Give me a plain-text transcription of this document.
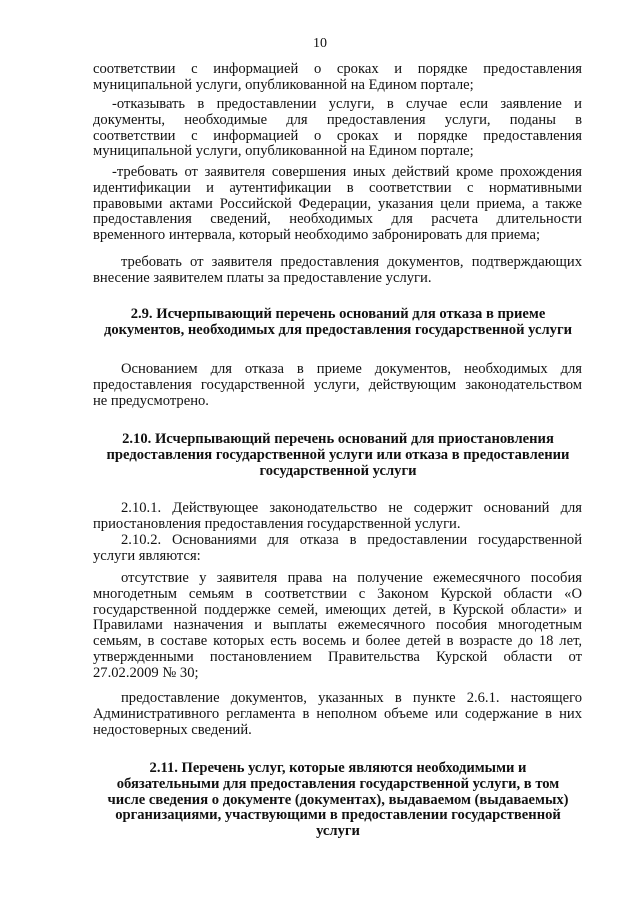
10
соответствии с информацией о сроках и порядке предоставления
муниципальной услуги, опубликованной на Едином портале;
-отказывать в предоставлении услуги, в случае если заявление и
документы, необходимые для предоставления услуги, поданы в
соответствии с информацией о сроках и порядке предоставления
муниципальной услуги, опубликованной на Едином портале;
-требовать от заявителя совершения иных действий кроме прохождения
идентификации и аутентификации в соответствии с нормативными
правовыми актами Российской Федерации, указания цели приема, а также
предоставления сведений, необходимых для расчета длительности
временного интервала, который необходимо забронировать для приема;
требовать от заявителя предоставления документов, подтверждающих
внесение заявителем платы за предоставление услуги.
2.9. Исчерпывающий перечень оснований для отказа в приеме
документов, необходимых для предоставления государственной услуги
Основанием для отказа в приеме документов, необходимых для
предоставления государственной услуги, действующим законодательством
не предусмотрено.
2.10. Исчерпывающий перечень оснований для приостановления
предоставления государственной услуги или отказа в предоставлении
государственной услуги
2.10.1. Действующее законодательство не содержит оснований для
приостановления предоставления государственной услуги.
2.10.2. Основаниями для отказа в предоставлении государственной
услуги являются:
отсутствие у заявителя права на получение ежемесячного пособия
многодетным семьям в соответствии с Законом Курской области «О
государственной поддержке семей, имеющих детей, в Курской области» и
Правилами назначения и выплаты ежемесячного пособия многодетным
семьям, в составе которых есть восемь и более детей в возрасте до 18 лет,
утвержденными постановлением Правительства Курской области от
27.02.2009 № 30;
предоставление документов, указанных в пункте 2.6.1. настоящего
Административного регламента в неполном объеме или содержание в них
недостоверных сведений.
2.11. Перечень услуг, которые являются необходимыми и
обязательными для предоставления государственной услуги, в том
числе сведения о документе (документах), выдаваемом (выдаваемых)
организациями, участвующими в предоставлении государственной
услуги
